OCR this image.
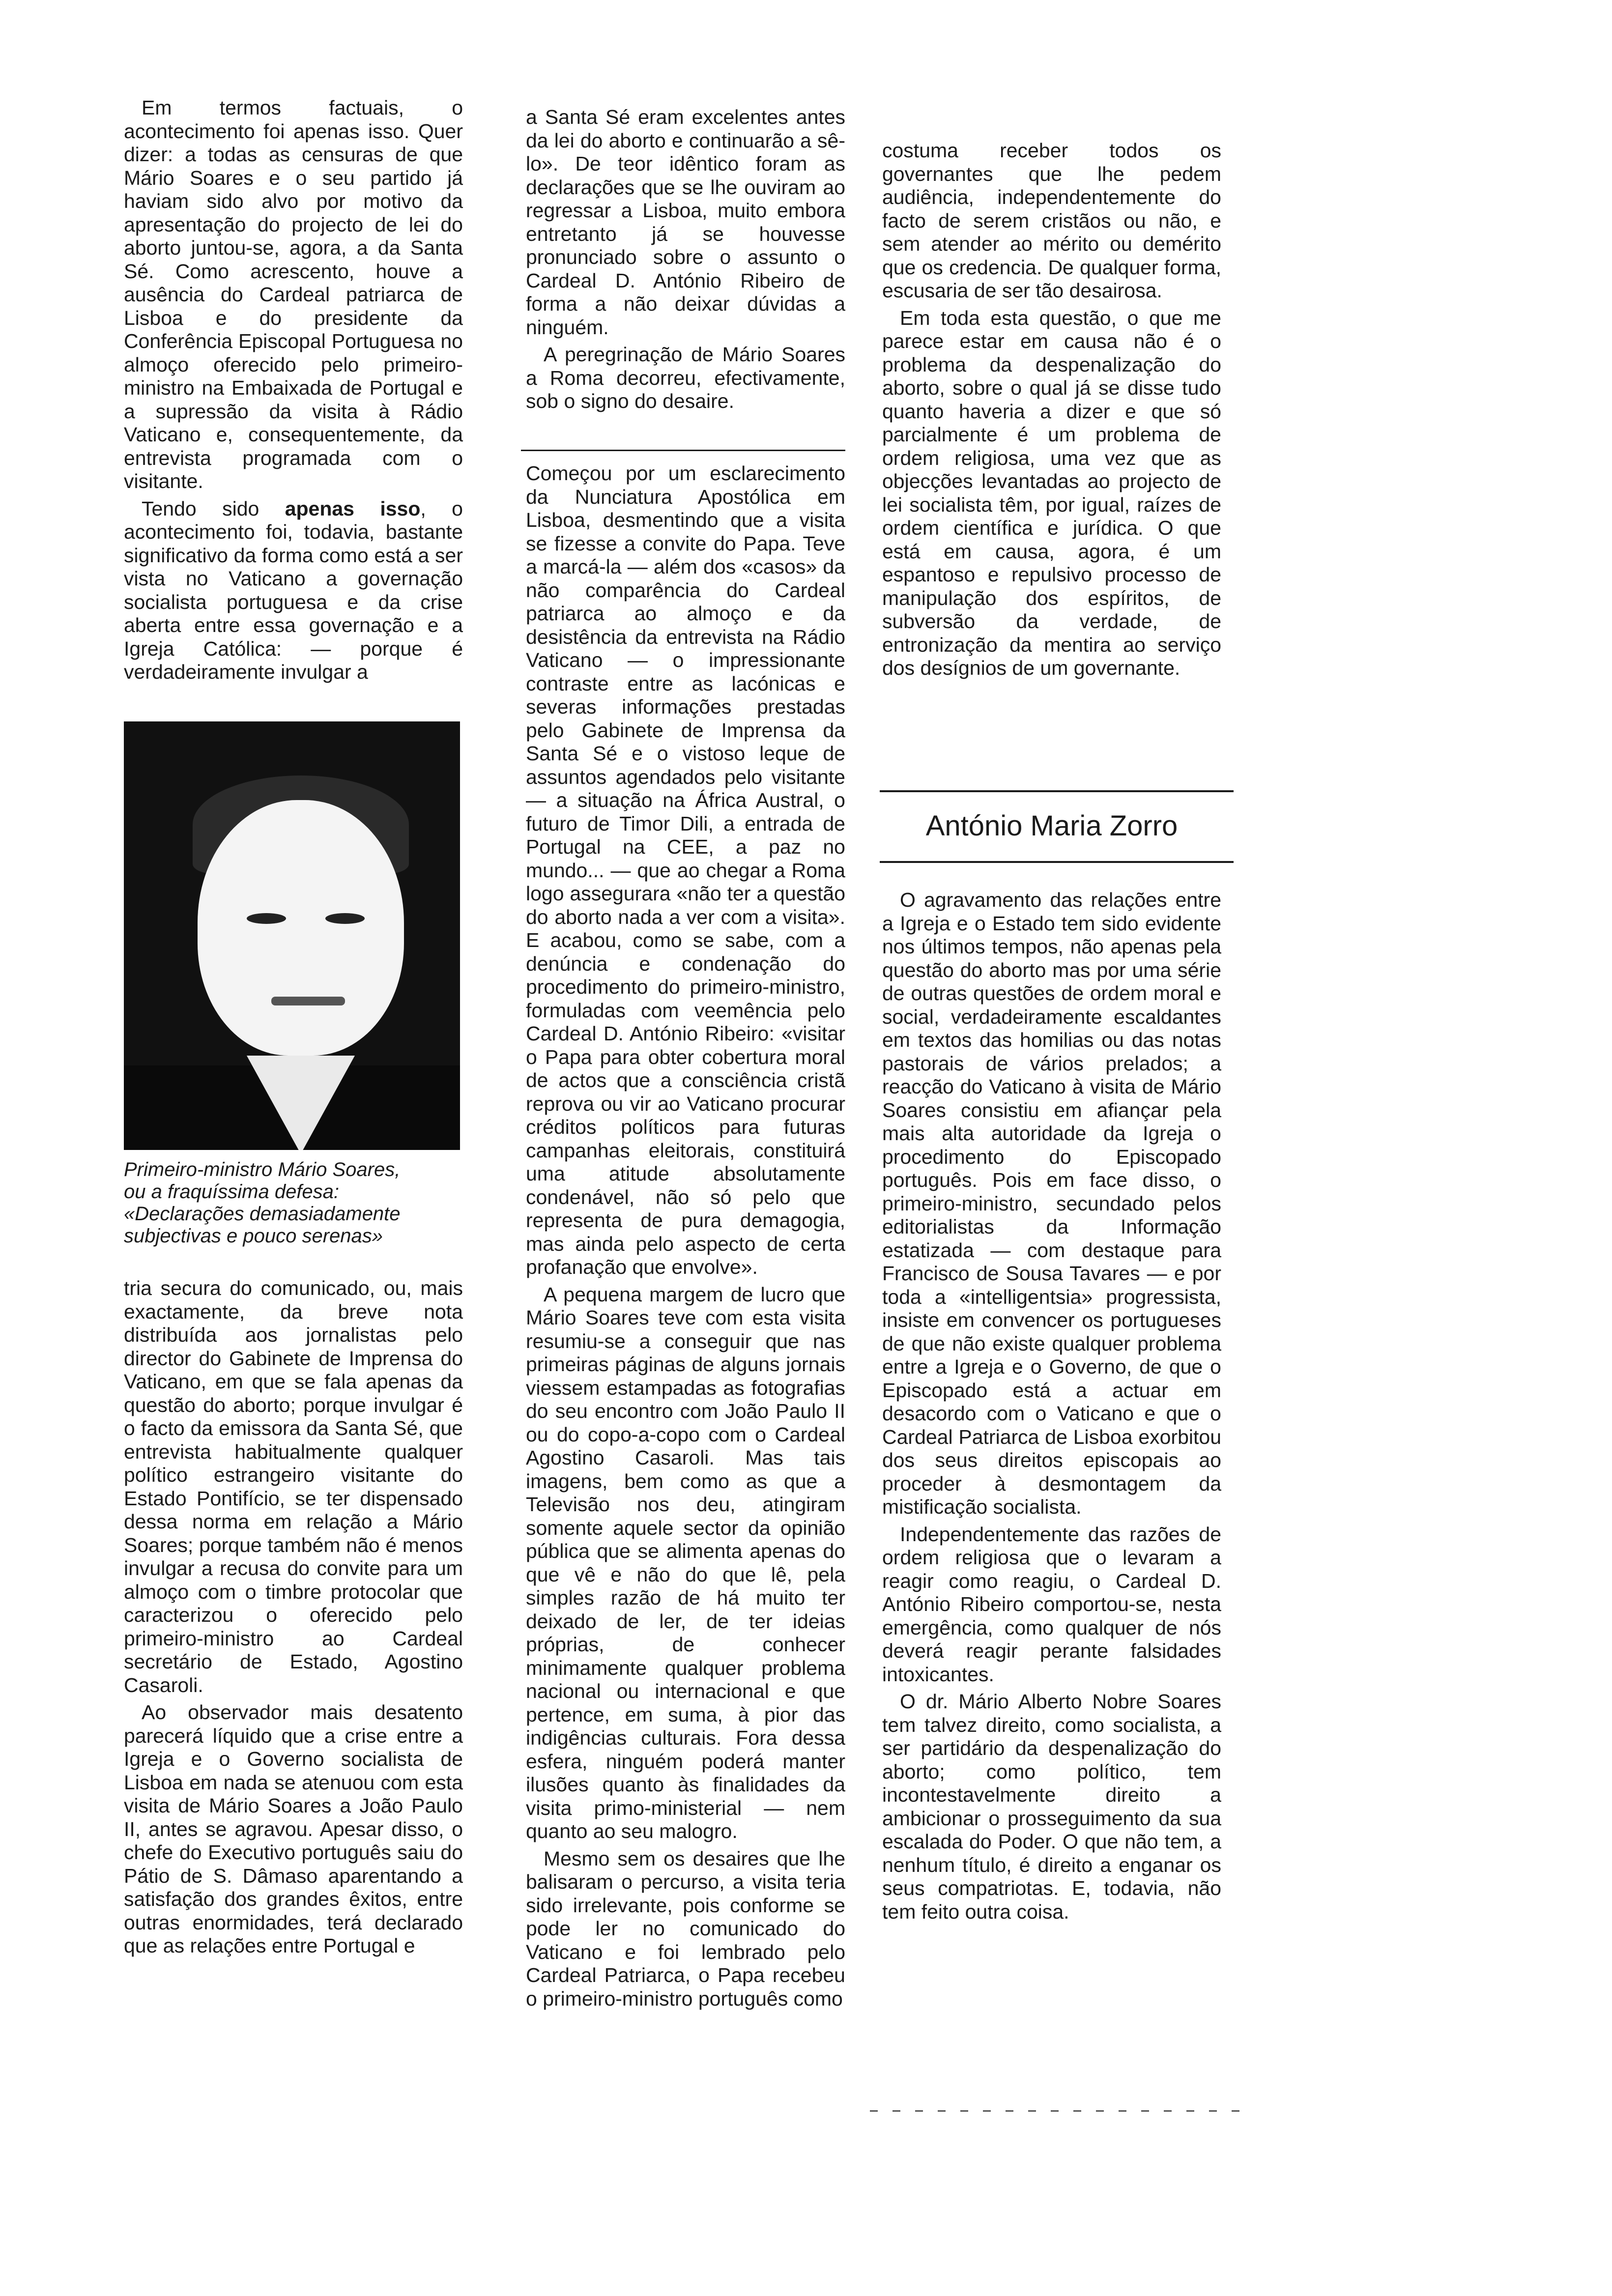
Em termos factuais, o acontecimento foi apenas isso. Quer dizer: a todas as censuras de que Mário Soares e o seu partido já haviam sido alvo por motivo da apresentação do projecto de lei do aborto juntou-se, agora, a da Santa Sé. Como acrescento, houve a ausência do Cardeal patriarca de Lisboa e do presidente da Conferência Episcopal Portuguesa no almoço oferecido pelo primeiro-ministro na Embaixada de Portugal e a supressão da visita à Rádio Vaticano e, consequentemente, da entrevista programada com o visitante.

Tendo sido apenas isso, o acontecimento foi, todavia, bastante significativo da forma como está a ser vista no Vaticano a governação socialista portuguesa e da crise aberta entre essa governação e a Igreja Católica: — porque é verdadeiramente invulgar a

Primeiro-ministro Mário Soares,
ou a fraquíssima defesa:
«Declarações demasiadamente
subjectivas e pouco serenas»

tria secura do comunicado, ou, mais exactamente, da breve nota distribuída aos jornalistas pelo director do Gabinete de Imprensa do Vaticano, em que se fala apenas da questão do aborto; porque invulgar é o facto da emissora da Santa Sé, que entrevista habitualmente qualquer político estrangeiro visitante do Estado Pontifício, se ter dispensado dessa norma em relação a Mário Soares; porque também não é menos invulgar a recusa do convite para um almoço com o timbre protocolar que caracterizou o oferecido pelo primeiro-ministro ao Cardeal secretário de Estado, Agostino Casaroli.

Ao observador mais desatento parecerá líquido que a crise entre a Igreja e o Governo socialista de Lisboa em nada se atenuou com esta visita de Mário Soares a João Paulo II, antes se agravou. Apesar disso, o chefe do Executivo português saiu do Pátio de S. Dâmaso aparentando a satisfação dos grandes êxitos, entre outras enormidades, terá declarado que as relações entre Portugal e

a Santa Sé eram excelentes antes da lei do aborto e continuarão a sê-lo». De teor idêntico foram as declarações que se lhe ouviram ao regressar a Lisboa, muito embora entretanto já se houvesse pronunciado sobre o assunto o Cardeal D. António Ribeiro de forma a não deixar dúvidas a ninguém.

A peregrinação de Mário Soares a Roma decorreu, efectivamente, sob o signo do desaire.

Começou por um esclarecimento da Nunciatura Apostólica em Lisboa, desmentindo que a visita se fizesse a convite do Papa. Teve a marcá-la — além dos «casos» da não comparência do Cardeal patriarca ao almoço e da desistência da entrevista na Rádio Vaticano — o impressionante contraste entre as lacónicas e severas informações prestadas pelo Gabinete de Imprensa da Santa Sé e o vistoso leque de assuntos agendados pelo visitante — a situação na África Austral, o futuro de Timor Dili, a entrada de Portugal na CEE, a paz no mundo... — que ao chegar a Roma logo assegurara «não ter a questão do aborto nada a ver com a visita». E acabou, como se sabe, com a denúncia e condenação do procedimento do primeiro-ministro, formuladas com veemência pelo Cardeal D. António Ribeiro: «visitar o Papa para obter cobertura moral de actos que a consciência cristã reprova ou vir ao Vaticano procurar créditos políticos para futuras campanhas eleitorais, constituirá uma atitude absolutamente condenável, não só pelo que representa de pura demagogia, mas ainda pelo aspecto de certa profanação que envolve».

A pequena margem de lucro que Mário Soares teve com esta visita resumiu-se a conseguir que nas primeiras páginas de alguns jornais viessem estampadas as fotografias do seu encontro com João Paulo II ou do copo-a-copo com o Cardeal Agostino Casaroli. Mas tais imagens, bem como as que a Televisão nos deu, atingiram somente aquele sector da opinião pública que se alimenta apenas do que vê e não do que lê, pela simples razão de há muito ter deixado de ler, de ter ideias próprias, de conhecer minimamente qualquer problema nacional ou internacional e que pertence, em suma, à pior das indigências culturais. Fora dessa esfera, ninguém poderá manter ilusões quanto às finalidades da visita primo-ministerial — nem quanto ao seu malogro.

Mesmo sem os desaires que lhe balisaram o percurso, a visita teria sido irrelevante, pois conforme se pode ler no comunicado do Vaticano e foi lembrado pelo Cardeal Patriarca, o Papa recebeu o primeiro-ministro português como

costuma receber todos os governantes que lhe pedem audiência, independentemente do facto de serem cristãos ou não, e sem atender ao mérito ou demérito que os credencia. De qualquer forma, escusaria de ser tão desairosa.

Em toda esta questão, o que me parece estar em causa não é o problema da despenalização do aborto, sobre o qual já se disse tudo quanto haveria a dizer e que só parcialmente é um problema de ordem religiosa, uma vez que as objecções levantadas ao projecto de lei socialista têm, por igual, raízes de ordem científica e jurídica. O que está em causa, agora, é um espantoso e repulsivo processo de manipulação dos espíritos, de subversão da verdade, de entronização da mentira ao serviço dos desígnios de um governante.

António Maria Zorro

O agravamento das relações entre a Igreja e o Estado tem sido evidente nos últimos tempos, não apenas pela questão do aborto mas por uma série de outras questões de ordem moral e social, verdadeiramente escaldantes em textos das homilias ou das notas pastorais de vários prelados; a reacção do Vaticano à visita de Mário Soares consistiu em afiançar pela mais alta autoridade da Igreja o procedimento do Episcopado português. Pois em face disso, o primeiro-ministro, secundado pelos editorialistas da Informação estatizada — com destaque para Francisco de Sousa Tavares — e por toda a «intelligentsia» progressista, insiste em convencer os portugueses de que não existe qualquer problema entre a Igreja e o Governo, de que o Episcopado está a actuar em desacordo com o Vaticano e que o Cardeal Patriarca de Lisboa exorbitou dos seus direitos episcopais ao proceder à desmontagem da mistificação socialista.

Independentemente das razões de ordem religiosa que o levaram a reagir como reagiu, o Cardeal D. António Ribeiro comportou-se, nesta emergência, como qualquer de nós deverá reagir perante falsidades intoxicantes.

O dr. Mário Alberto Nobre Soares tem talvez direito, como socialista, a ser partidário da despenalização do aborto; como político, tem incontestavelmente direito a ambicionar o prosseguimento da sua escalada do Poder. O que não tem, a nenhum título, é direito a enganar os seus compatriotas. E, todavia, não tem feito outra coisa.
